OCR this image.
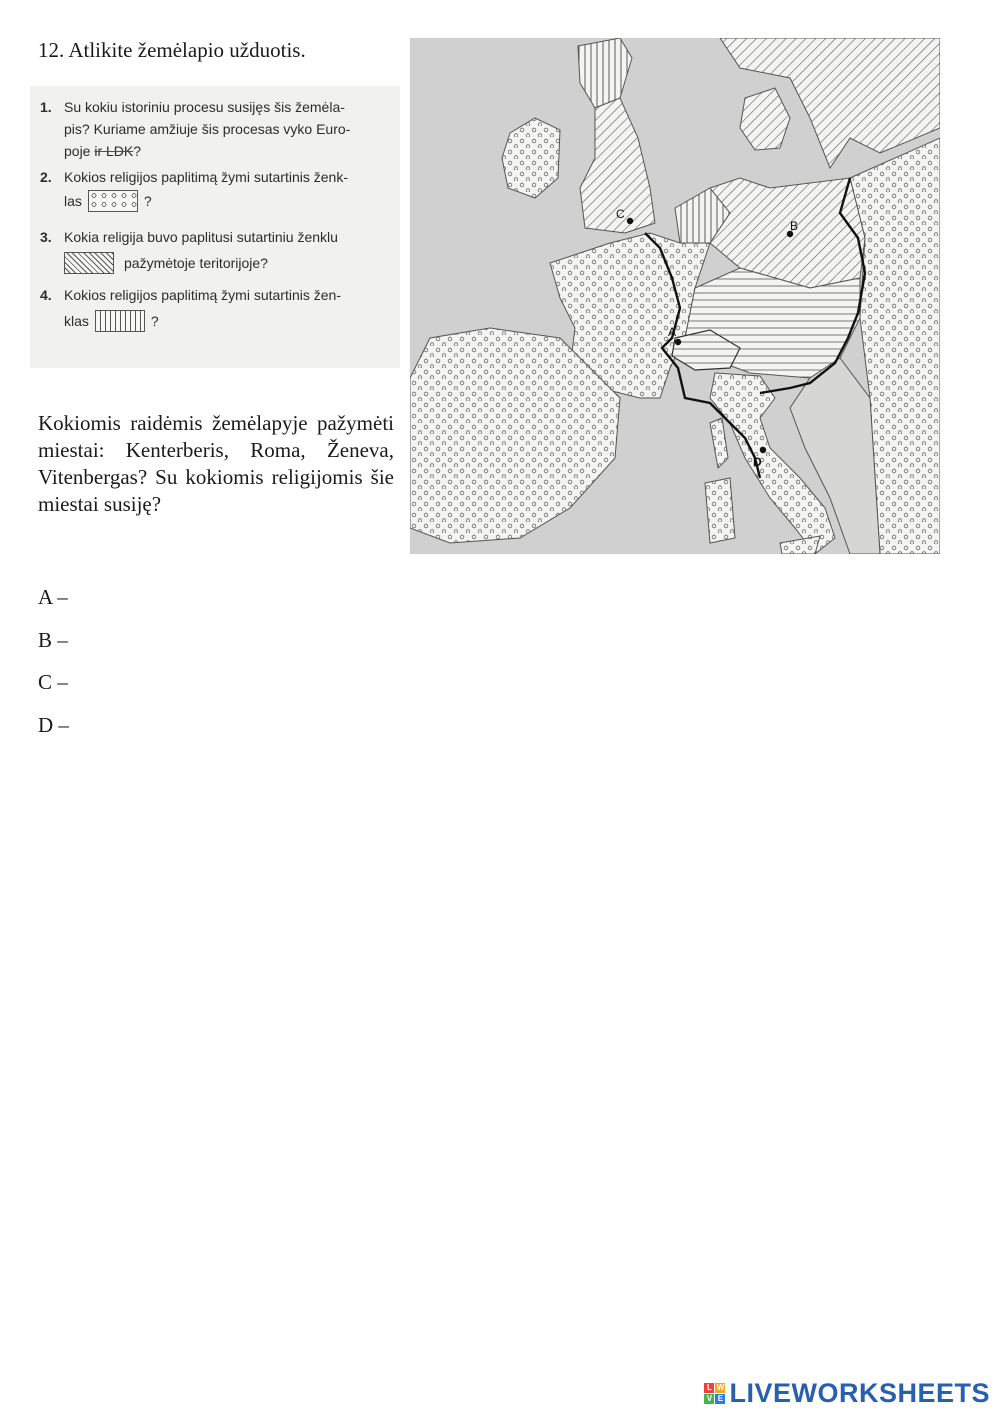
12. Atlikite žemėlapio užduotis.
1. Su kokiu istoriniu procesu susijęs šis žemėla-
pis? Kuriame amžiuje šis procesas vyko Euro-
poje ir LDK?
2. Kokios religijos paplitimą žymi sutartinis ženk-
las	?
3. Kokia religija buvo paplitusi sutartiniu ženklu
pažymėtoje teritorijoje?
4. Kokios religijos paplitimą žymi sutartinis žen-
klas	?
Kokiomis raidėmis žemėlapyje pažymėti miestai: Kenterberis, Roma, Ženeva, Vitenbergas? Su kokiomis religijomis šie miestai susiję?
A –
B –
C –
D –
A
B
C
D
L W
V E LIVEWORKSHEETS
